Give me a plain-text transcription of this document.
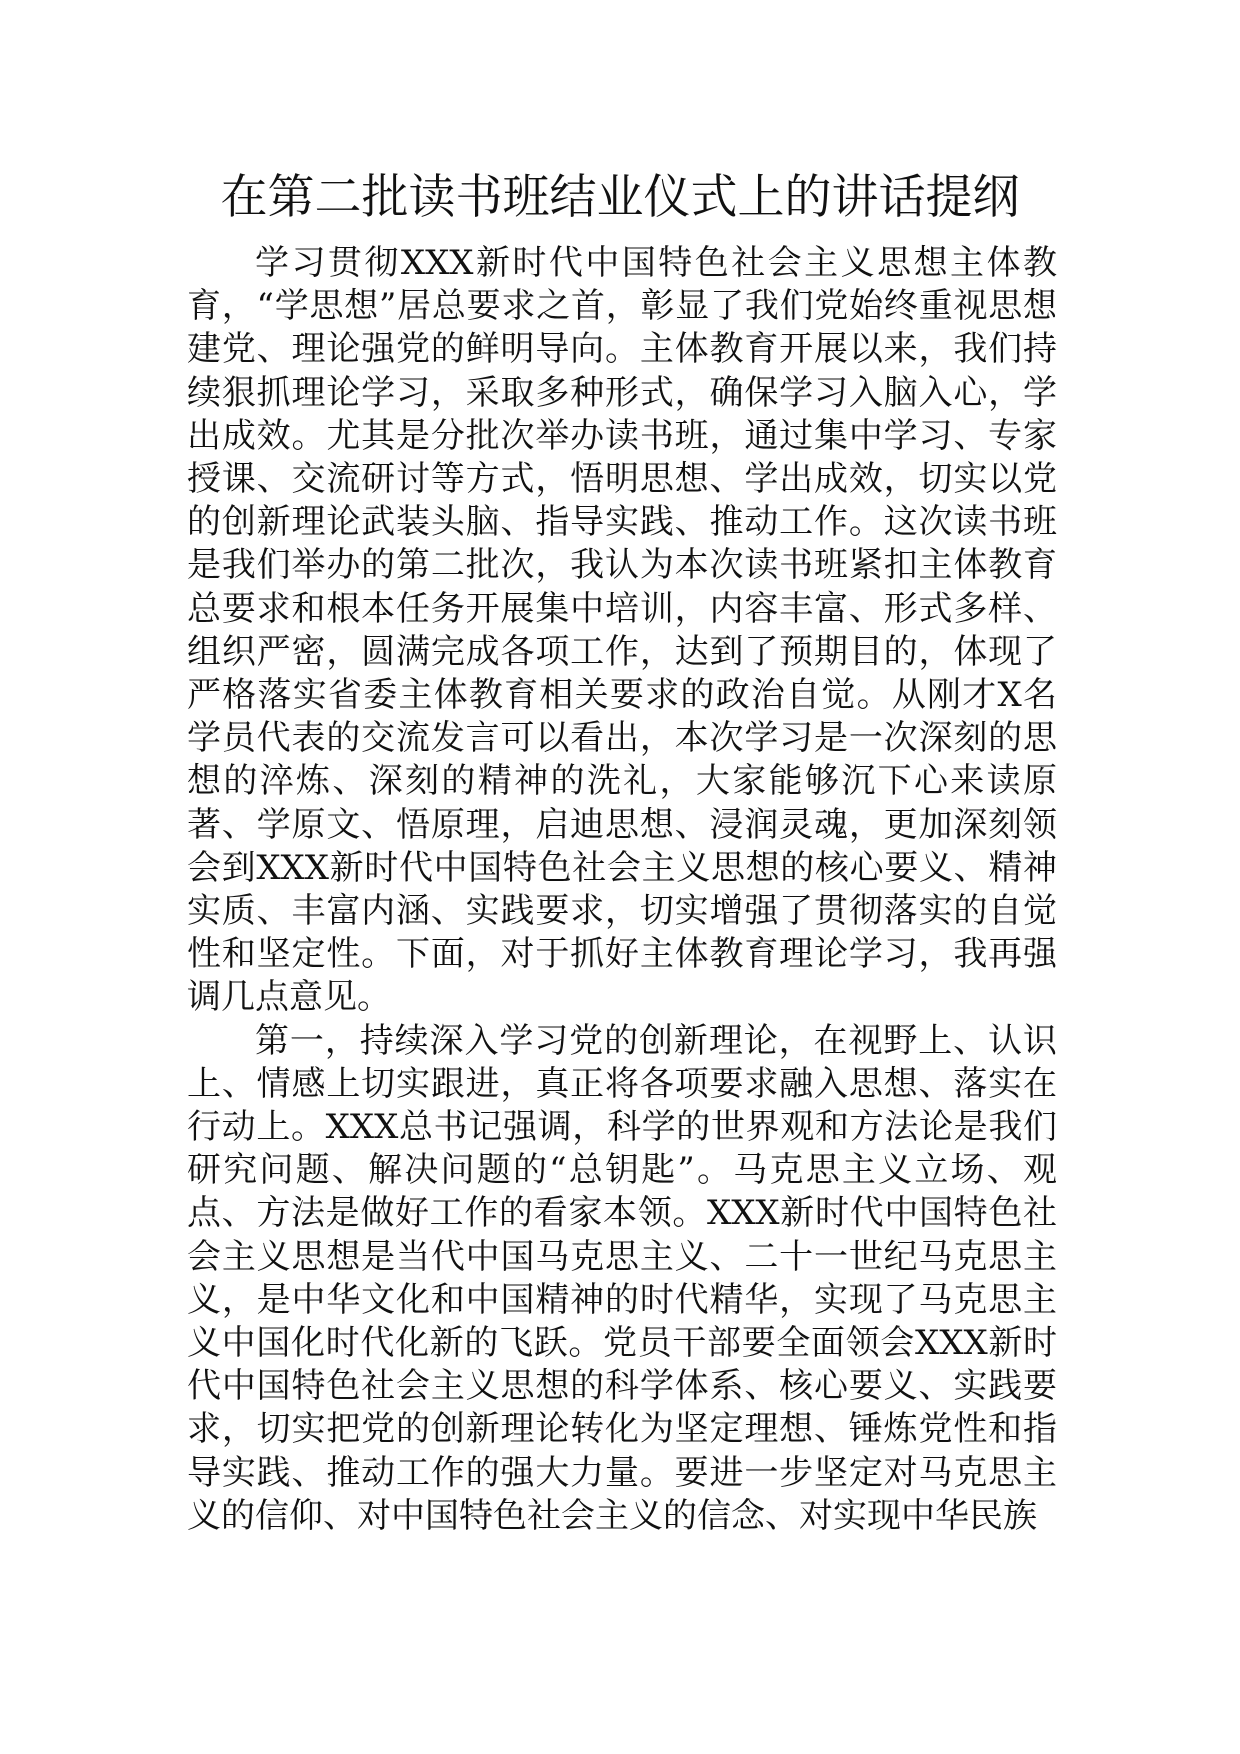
在第二批读书班结业仪式上的讲话提纲

学习贯彻XXX新时代中国特色社会主义思想主体教育，“学思想”居总要求之首，彰显了我们党始终重视思想建党、理论强党的鲜明导向。主体教育开展以来，我们持续狠抓理论学习，采取多种形式，确保学习入脑入心，学出成效。尤其是分批次举办读书班，通过集中学习、专家授课、交流研讨等方式，悟明思想、学出成效，切实以党的创新理论武装头脑、指导实践、推动工作。这次读书班是我们举办的第二批次，我认为本次读书班紧扣主体教育总要求和根本任务开展集中培训，内容丰富、形式多样、组织严密，圆满完成各项工作，达到了预期目的，体现了严格落实省委主体教育相关要求的政治自觉。从刚才X名学员代表的交流发言可以看出，本次学习是一次深刻的思想的淬炼、深刻的精神的洗礼，大家能够沉下心来读原著、学原文、悟原理，启迪思想、浸润灵魂，更加深刻领会到XXX新时代中国特色社会主义思想的核心要义、精神实质、丰富内涵、实践要求，切实增强了贯彻落实的自觉性和坚定性。下面，对于抓好主体教育理论学习，我再强调几点意见。

第一，持续深入学习党的创新理论，在视野上、认识上、情感上切实跟进，真正将各项要求融入思想、落实在行动上。XXX总书记强调，科学的世界观和方法论是我们研究问题、解决问题的“总钥匙”。马克思主义立场、观点、方法是做好工作的看家本领。XXX新时代中国特色社会主义思想是当代中国马克思主义、二十一世纪马克思主义，是中华文化和中国精神的时代精华，实现了马克思主义中国化时代化新的飞跃。党员干部要全面领会XXX新时代中国特色社会主义思想的科学体系、核心要义、实践要求，切实把党的创新理论转化为坚定理想、锤炼党性和指导实践、推动工作的强大力量。要进一步坚定对马克思主义的信仰、对中国特色社会主义的信念、对实现中华民族
